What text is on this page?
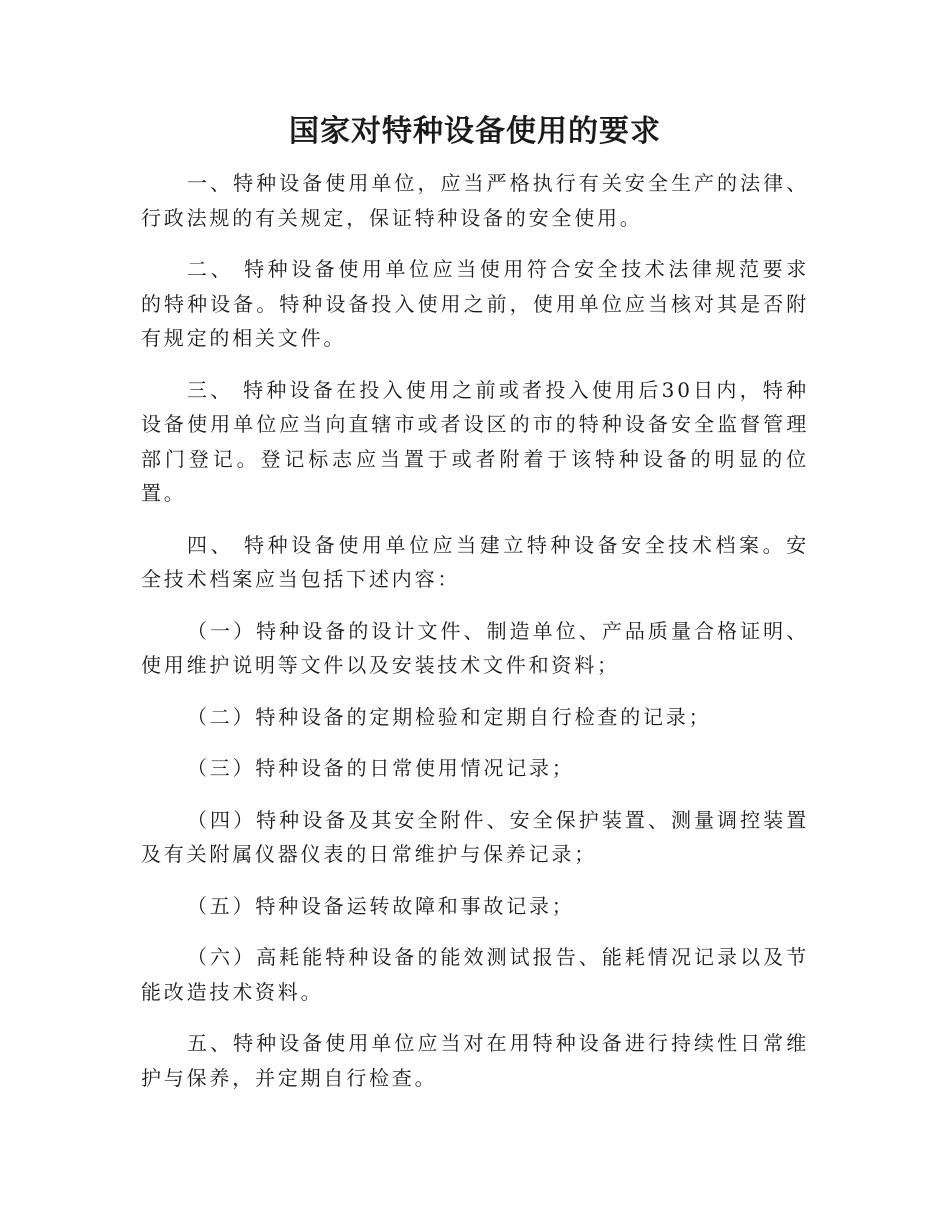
国家对特种设备使用的要求

一、特种设备使用单位，应当严格执行有关安全生产的法律、行政法规的有关规定，保证特种设备的安全使用。

二、 特种设备使用单位应当使用符合安全技术法律规范要求的特种设备。特种设备投入使用之前，使用单位应当核对其是否附有规定的相关文件。

三、 特种设备在投入使用之前或者投入使用后30日内，特种设备使用单位应当向直辖市或者设区的市的特种设备安全监督管理部门登记。登记标志应当置于或者附着于该特种设备的明显的位置。

四、 特种设备使用单位应当建立特种设备安全技术档案。安全技术档案应当包括下述内容：

（一）特种设备的设计文件、制造单位、产品质量合格证明、使用维护说明等文件以及安装技术文件和资料；

（二）特种设备的定期检验和定期自行检查的记录；

（三）特种设备的日常使用情况记录；

（四）特种设备及其安全附件、安全保护装置、测量调控装置及有关附属仪器仪表的日常维护与保养记录；

（五）特种设备运转故障和事故记录；

（六）高耗能特种设备的能效测试报告、能耗情况记录以及节能改造技术资料。

五、特种设备使用单位应当对在用特种设备进行持续性日常维护与保养，并定期自行检查。
